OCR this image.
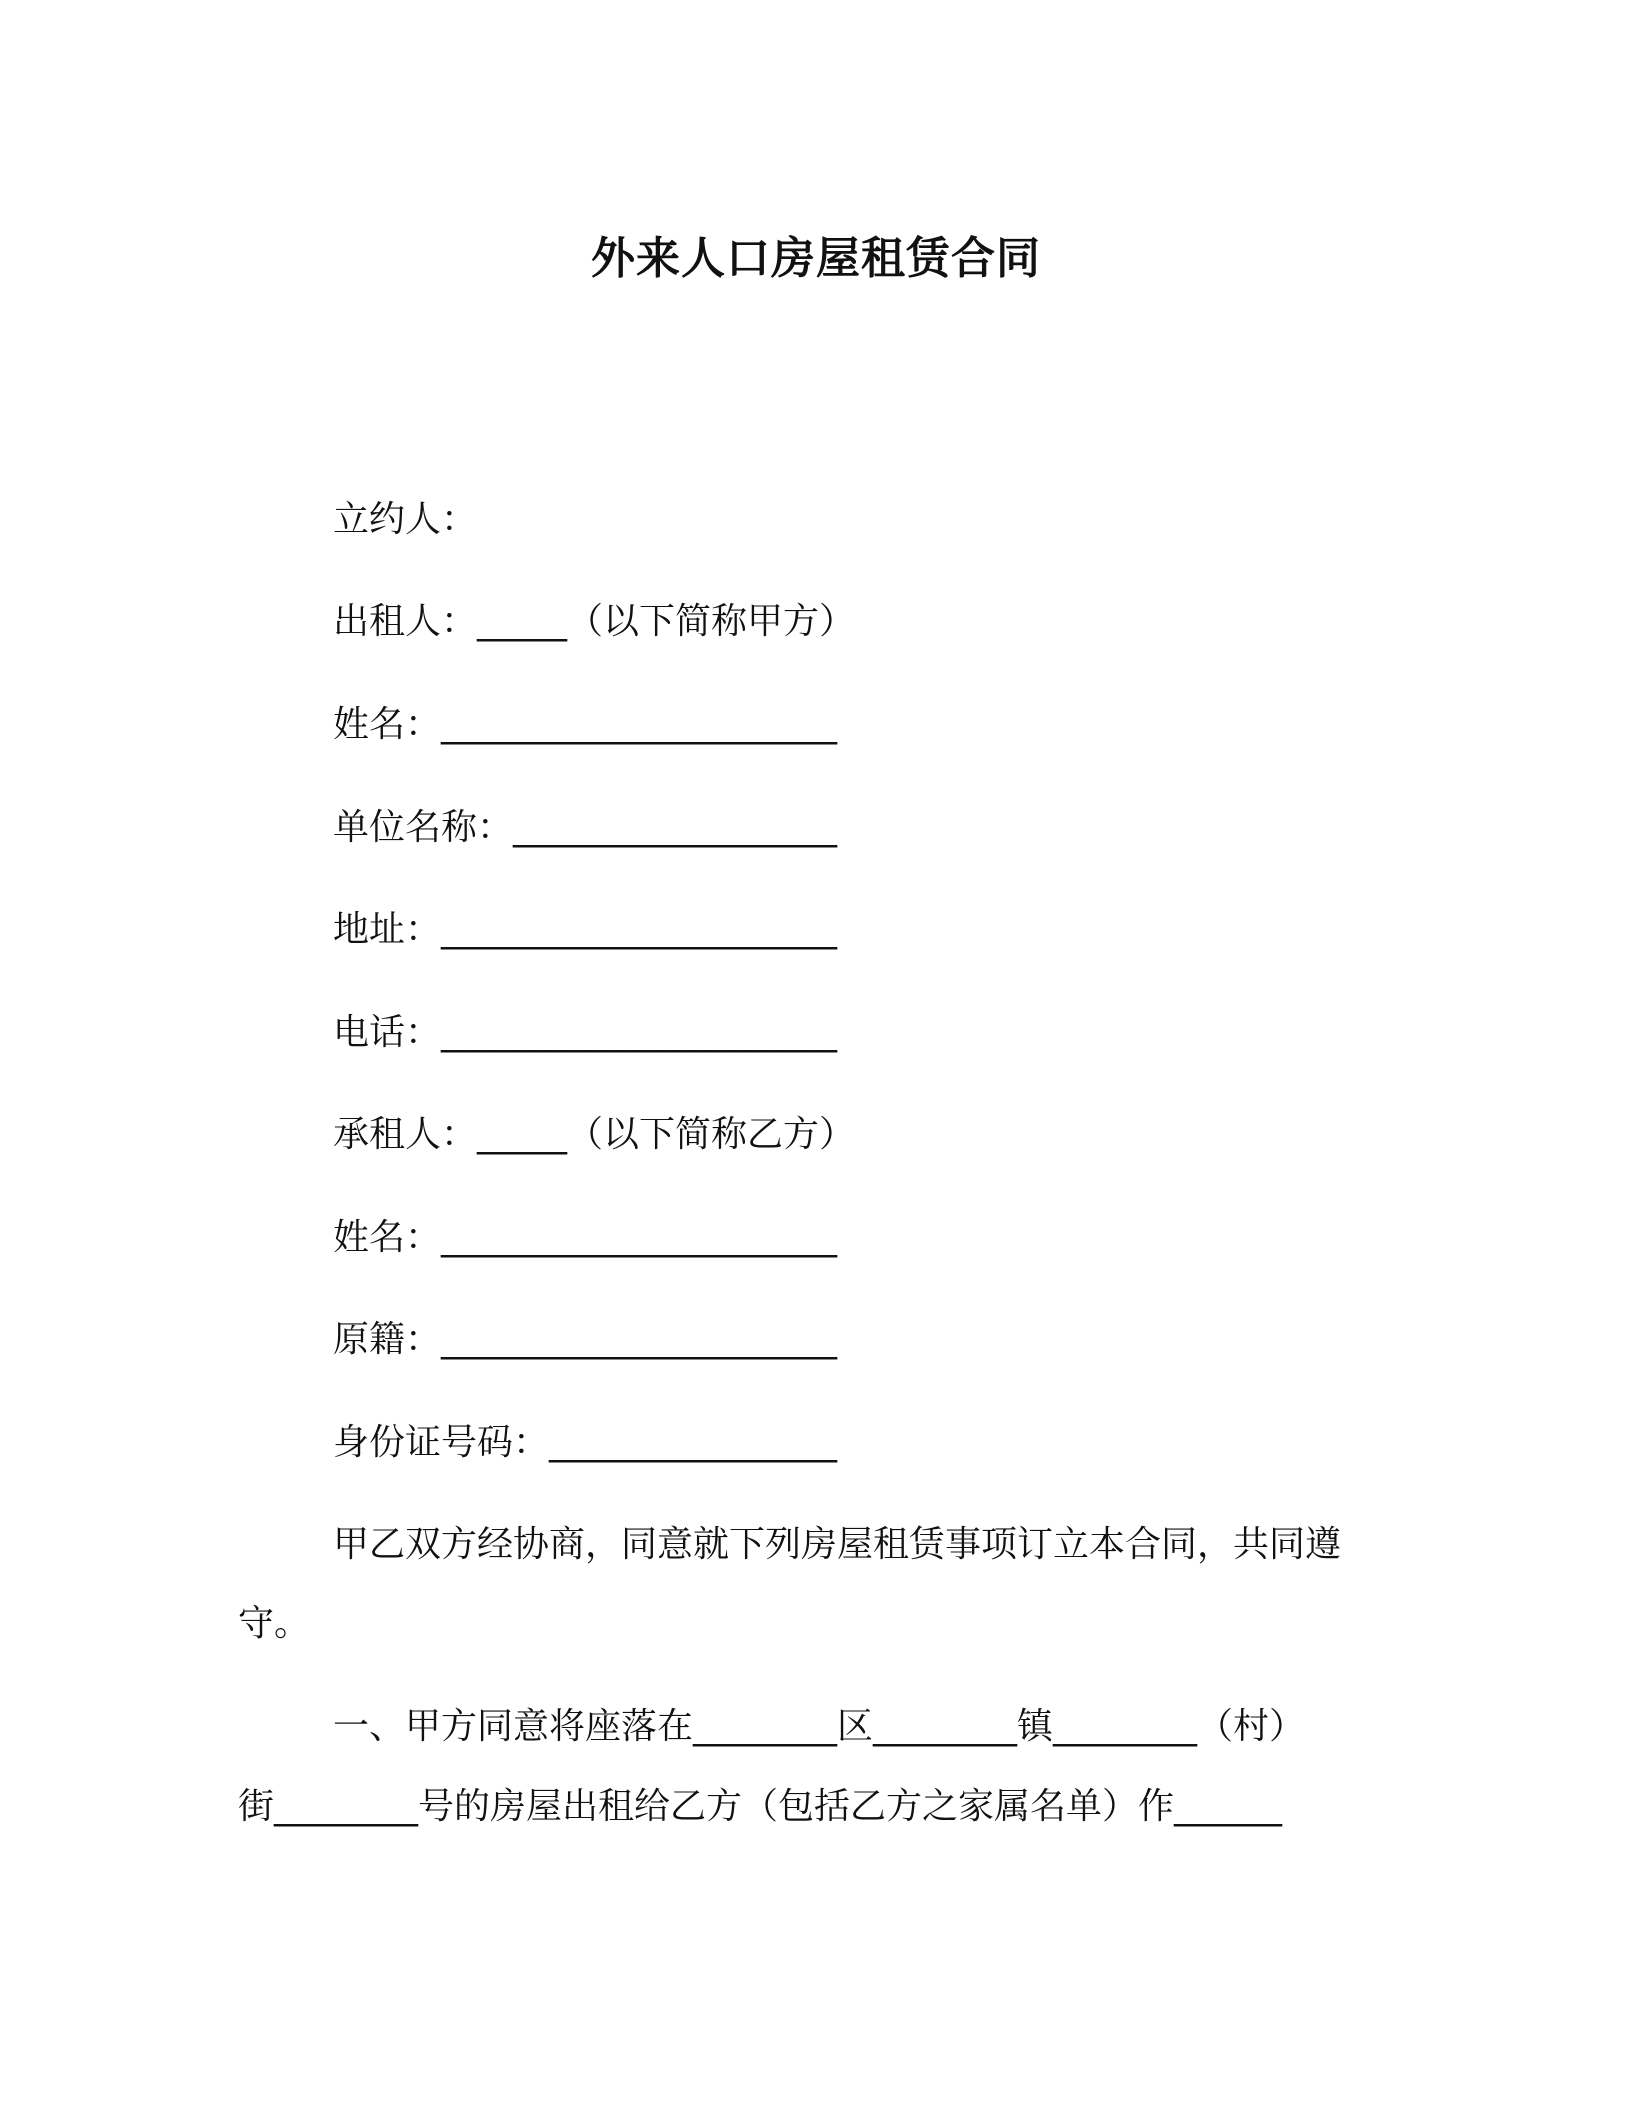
外来人口房屋租赁合同
立约人：
出租人：_____（以下简称甲方）
姓名：______________________
单位名称：__________________
地址：______________________
电话：______________________
承租人：_____（以下简称乙方）
姓名：______________________
原籍：______________________
身份证号码：________________
甲乙双方经协商，同意就下列房屋租赁事项订立本合同，共同遵
守。
一、甲方同意将座落在________区________镇________（村）
街________号的房屋出租给乙方（包括乙方之家属名单）作______
